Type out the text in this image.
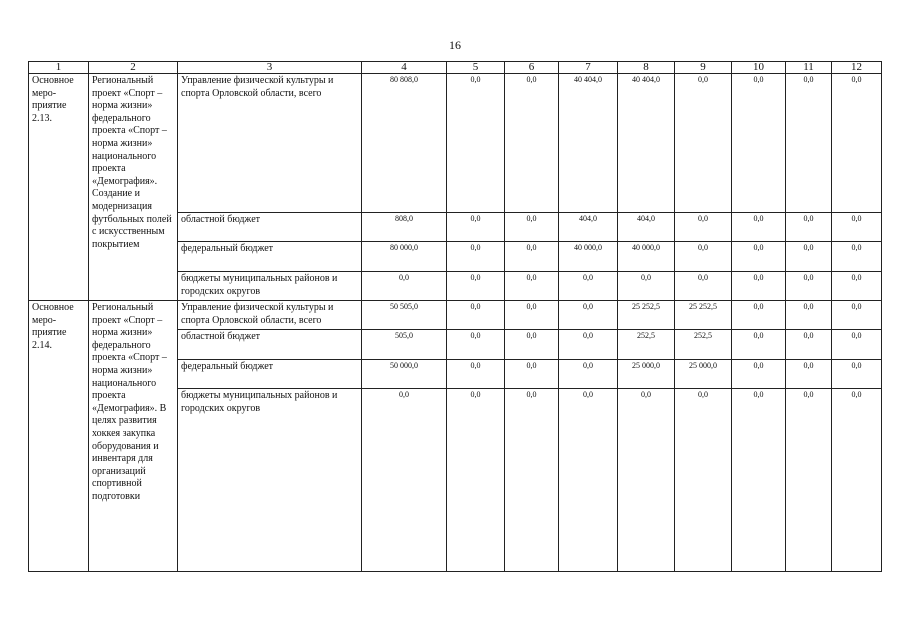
16
1	2	3	4	5	6	7	8	9	10	11	12
Основное меро-приятие 2.13.	Региональный проект «Спорт – норма жизни» федерального проекта «Спорт – норма жизни» национального проекта «Демография». Создание и модернизация футбольных полей с искусственным покрытием	Управление физической культуры и спорта Орловской области, всего	80 808,0	0,0	0,0	40 404,0	40 404,0	0,0	0,0	0,0	0,0
		областной бюджет	808,0	0,0	0,0	404,0	404,0	0,0	0,0	0,0	0,0
		федеральный бюджет	80 000,0	0,0	0,0	40 000,0	40 000,0	0,0	0,0	0,0	0,0
		бюджеты муниципальных районов и городских округов	0,0	0,0	0,0	0,0	0,0	0,0	0,0	0,0	0,0
Основное меро-приятие 2.14.	Региональный проект «Спорт – норма жизни» федерального проекта «Спорт – норма жизни» национального проекта «Демография». В целях развития хоккея закупка оборудования и инвентаря для организаций спортивной подготовки	Управление физической культуры и спорта Орловской области, всего	50 505,0	0,0	0,0	0,0	25 252,5	25 252,5	0,0	0,0	0,0
		областной бюджет	505,0	0,0	0,0	0,0	252,5	252,5	0,0	0,0	0,0
		федеральный бюджет	50 000,0	0,0	0,0	0,0	25 000,0	25 000,0	0,0	0,0	0,0
		бюджеты муниципальных районов и городских округов	0,0	0,0	0,0	0,0	0,0	0,0	0,0	0,0	0,0
